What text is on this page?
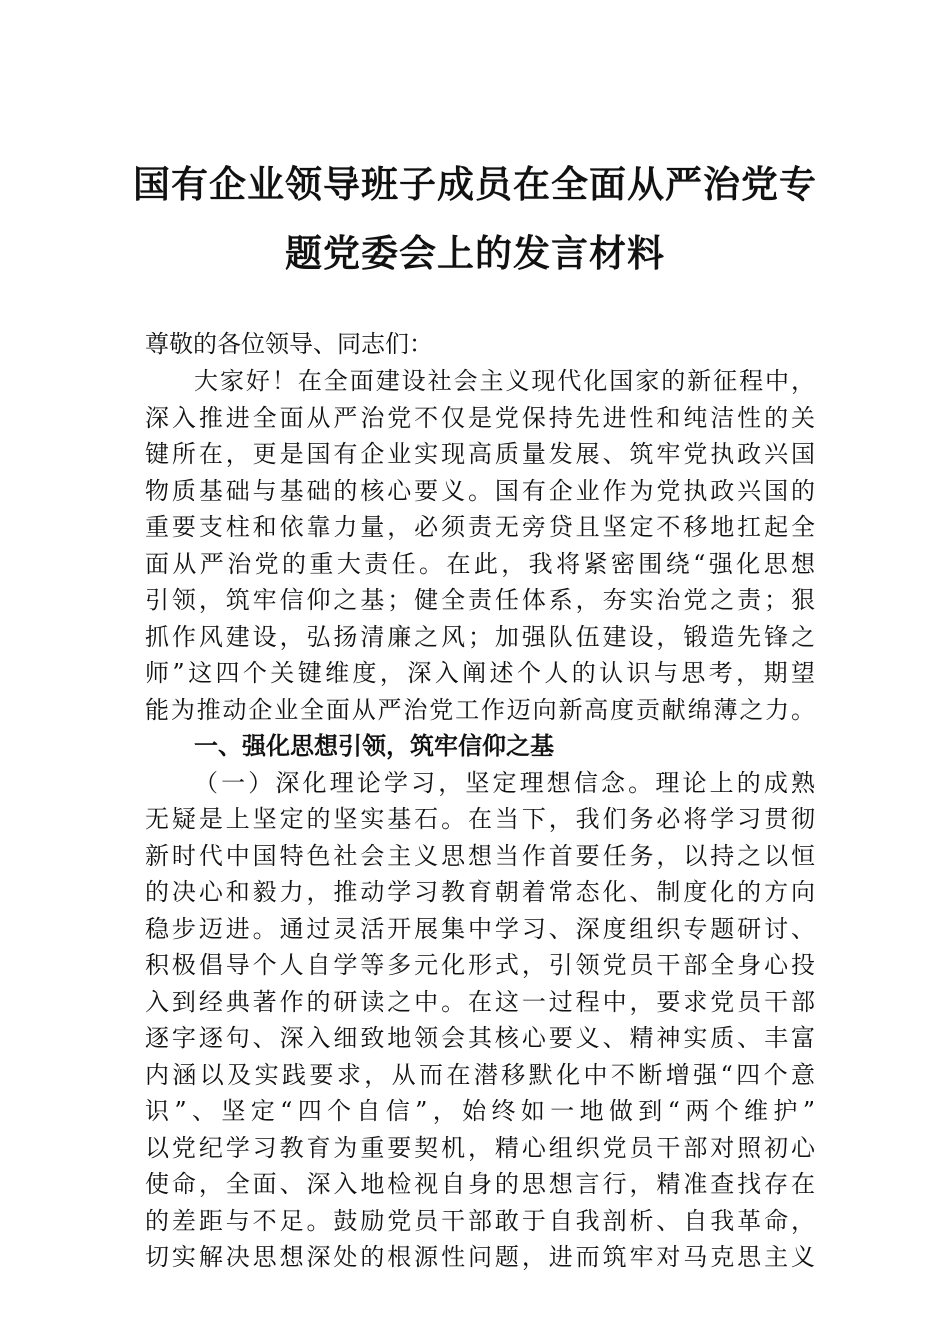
国有企业领导班子成员在全面从严治党专
题党委会上的发言材料

尊敬的各位领导、同志们：

大家好！在全面建设社会主义现代化国家的新征程中，

深入推进全面从严治党不仅是党保持先进性和纯洁性的关

键所在，更是国有企业实现高质量发展、筑牢党执政兴国

物质基础与基础的核心要义。国有企业作为党执政兴国的

重要支柱和依靠力量，必须责无旁贷且坚定不移地扛起全

面从严治党的重大责任。在此，我将紧密围绕“强化思想

引领，筑牢信仰之基；健全责任体系，夯实治党之责；狠

抓作风建设，弘扬清廉之风；加强队伍建设，锻造先锋之

师”这四个关键维度，深入阐述个人的认识与思考，期望

能为推动企业全面从严治党工作迈向新高度贡献绵薄之力。

一、强化思想引领，筑牢信仰之基

（一）深化理论学习，坚定理想信念。理论上的成熟

无疑是上坚定的坚实基石。在当下，我们务必将学习贯彻

新时代中国特色社会主义思想当作首要任务，以持之以恒

的决心和毅力，推动学习教育朝着常态化、制度化的方向

稳步迈进。通过灵活开展集中学习、深度组织专题研讨、

积极倡导个人自学等多元化形式，引领党员干部全身心投

入到经典著作的研读之中。在这一过程中，要求党员干部

逐字逐句、深入细致地领会其核心要义、精神实质、丰富

内涵以及实践要求，从而在潜移默化中不断增强“四个意

识”、坚定“四个自信”，始终如一地做到“两个维护”

以党纪学习教育为重要契机，精心组织党员干部对照初心

使命，全面、深入地检视自身的思想言行，精准查找存在

的差距与不足。鼓励党员干部敢于自我剖析、自我革命，

切实解决思想深处的根源性问题，进而筑牢对马克思主义
